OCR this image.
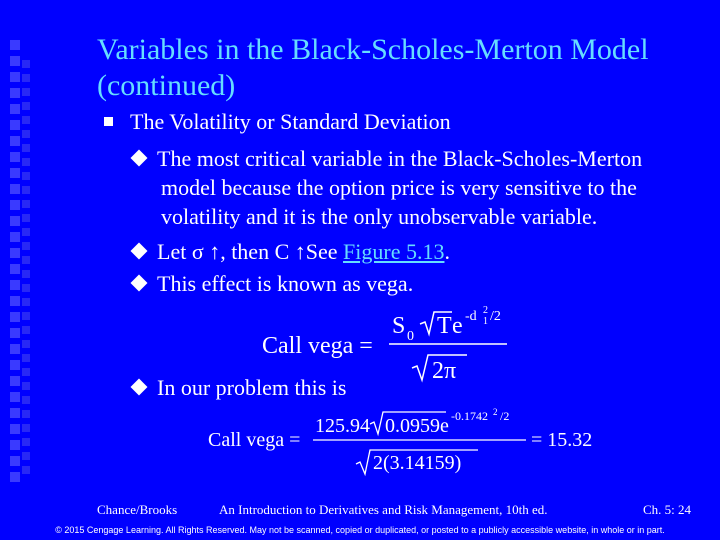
Variables in the Black-Scholes-Merton Model
(continued)
The Volatility or Standard Deviation
The most critical variable in the Black-Scholes-Merton
model because the option price is very sensitive to the
volatility and it is the only unobservable variable.
Let σ ↑, then C ↑See Figure 5.13.
This effect is known as vega.
Call vega =
S 0 T e -d 2
1 /2
2π
In our problem this is
Call vega =
125.94 0.0959 e -0.1742 2 /2
2(3.14159)
= 15.32
Chance/Brooks	An Introduction to Derivatives and Risk Management, 10th ed.	Ch. 5: 24
© 2015 Cengage Learning. All Rights Reserved. May not be scanned, copied or duplicated, or posted to a publicly accessible website, in whole or in part.
